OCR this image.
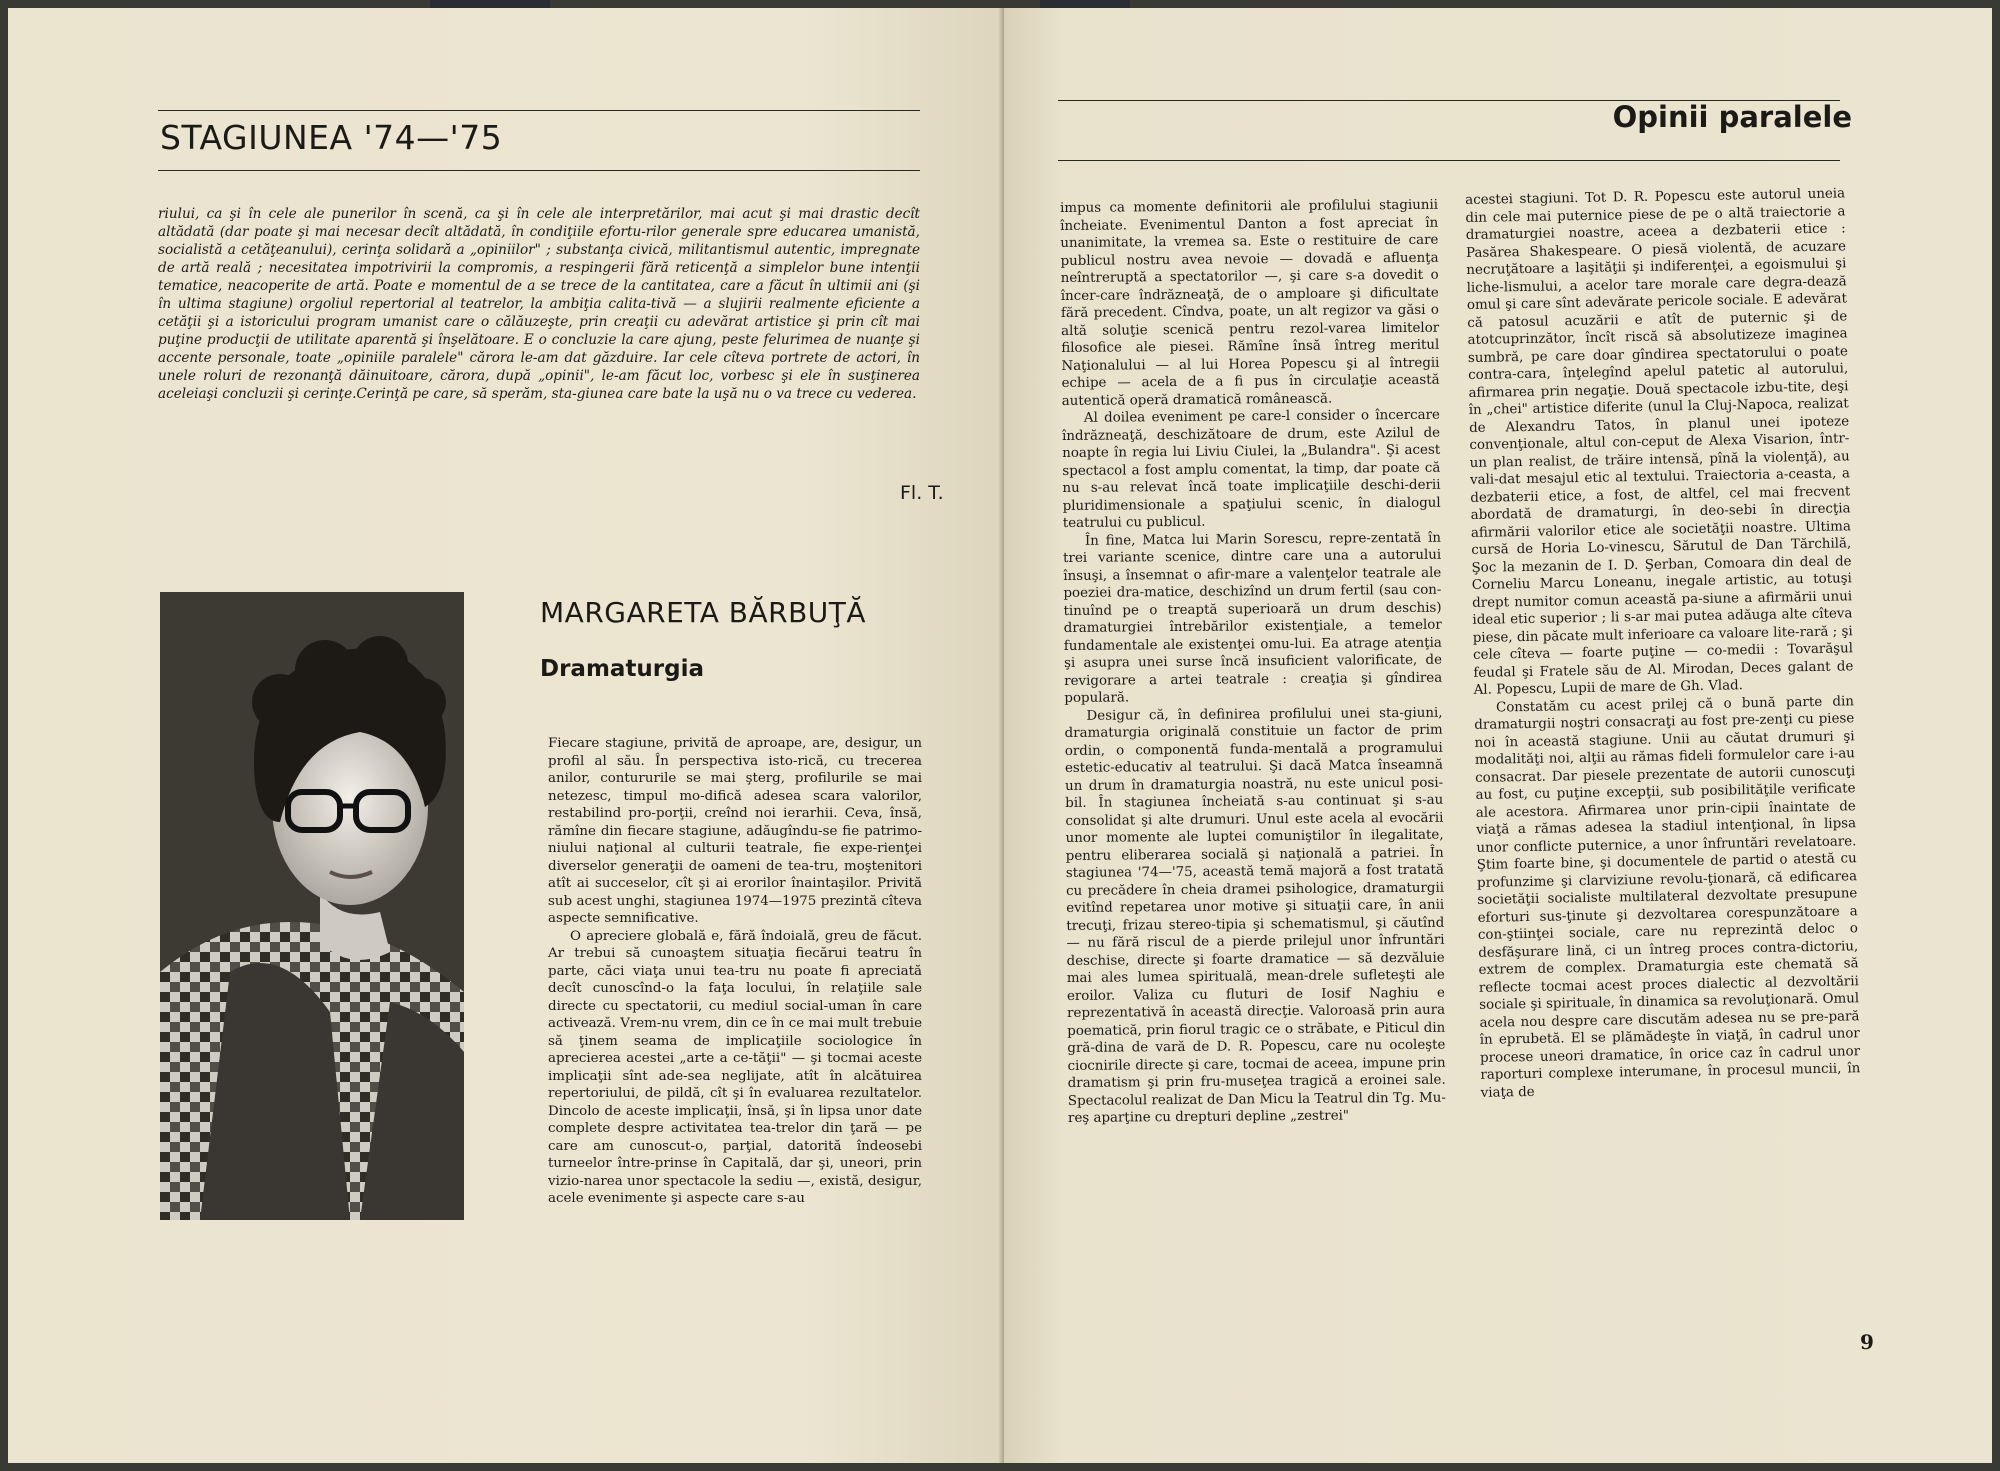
STAGIUNEA '74—'75

riului, ca şi în cele ale punerilor în scenă, ca şi în cele ale interpretărilor, mai acut şi mai drastic decît altădată (dar poate şi mai necesar decît altădată, în condiţiile efortu-rilor generale spre educarea umanistă, socialistă a cetăţeanului), cerinţa solidară a „opiniilor" ; substanţa civică, militantismul autentic, impregnate de artă reală ; necesitatea impotrivirii la compromis, a respingerii fără reticenţă a simplelor bune intenţii tematice, neacoperite de artă. Poate e momentul de a se trece de la cantitatea, care a făcut în ultimii ani (şi în ultima stagiune) orgoliul repertorial al teatrelor, la ambiţia calita-tivă — a slujirii realmente eficiente a cetăţii şi a istoricului program umanist care o călăuzeşte, prin creaţii cu adevărat artistice şi prin cît mai puţine producţii de utilitate aparentă şi înşelătoare. E o concluzie la care ajung, peste felurimea de nuanţe şi accente personale, toate „opiniile paralele" cărora le-am dat găzduire. Iar cele cîteva portrete de actori, în unele roluri de rezonanţă dăinuitoare, cărora, după „opinii", le-am făcut loc, vorbesc şi ele în susţinerea aceleiaşi concluzii şi cerinţe.Cerinţă pe care, să sperăm, sta-giunea care bate la uşă nu o va trece cu vederea.

Fl. T.
MARGARETA BĂRBUŢĂ
Dramaturgia

Fiecare stagiune, privită de aproape, are, desigur, un profil al său. În perspectiva isto-rică, cu trecerea anilor, contururile se mai şterg, profilurile se mai netezesc, timpul mo-difică adesea scara valorilor, restabilind pro-porţii, creînd noi ierarhii. Ceva, însă, rămîne din fiecare stagiune, adăugîndu-se fie patrimo-niului naţional al culturii teatrale, fie expe-rienţei diverselor generaţii de oameni de tea-tru, moştenitori atît ai succeselor, cît şi ai erorilor înaintaşilor. Privită sub acest unghi, stagiunea 1974—1975 prezintă cîteva aspecte semnificative.

O apreciere globală e, fără îndoială, greu de făcut. Ar trebui să cunoaştem situaţia fiecărui teatru în parte, căci viaţa unui tea-tru nu poate fi apreciată decît cunoscînd-o la faţa locului, în relaţiile sale directe cu spectatorii, cu mediul social-uman în care activează. Vrem-nu vrem, din ce în ce mai mult trebuie să ţinem seama de implicaţiile sociologice în aprecierea acestei „arte a ce-tăţii" — şi tocmai aceste implicaţii sînt ade-sea neglijate, atît în alcătuirea repertoriului, de pildă, cît şi în evaluarea rezultatelor. Dincolo de aceste implicaţii, însă, şi în lipsa unor date complete despre activitatea tea-trelor din ţară — pe care am cunoscut-o, parţial, datorită îndeosebi turneelor între-prinse în Capitală, dar şi, uneori, prin vizio-narea unor spectacole la sediu —, există, desigur, acele evenimente şi aspecte care s-au

Opinii paralele

impus ca momente definitorii ale profilului stagiunii încheiate. Evenimentul Danton a fost apreciat în unanimitate, la vremea sa. Este o restituire de care publicul nostru avea nevoie — dovadă e afluenţa neîntreruptă a spectatorilor —, şi care s-a dovedit o încer-care îndrăzneaţă, de o amploare şi dificultate fără precedent. Cîndva, poate, un alt regizor va găsi o altă soluţie scenică pentru rezol-varea limitelor filosofice ale piesei. Rămîne însă întreg meritul Naţionalului — al lui Horea Popescu şi al întregii echipe — acela de a fi pus în circulaţie această autentică operă dramatică românească.

Al doilea eveniment pe care-l consider o încercare îndrăzneaţă, deschizătoare de drum, este Azilul de noapte în regia lui Liviu Ciulei, la „Bulandra". Şi acest spectacol a fost amplu comentat, la timp, dar poate că nu s-au relevat încă toate implicaţiile deschi-derii pluridimensionale a spaţiului scenic, în dialogul teatrului cu publicul.

În fine, Matca lui Marin Sorescu, repre-zentată în trei variante scenice, dintre care una a autorului însuşi, a însemnat o afir-mare a valenţelor teatrale ale poeziei dra-matice, deschizînd un drum fertil (sau con-tinuînd pe o treaptă superioară un drum deschis) dramaturgiei întrebărilor existenţiale, a temelor fundamentale ale existenţei omu-lui. Ea atrage atenţia şi asupra unei surse încă insuficient valorificate, de revigorare a artei teatrale : creaţia şi gîndirea populară.

Desigur că, în definirea profilului unei sta-giuni, dramaturgia originală constituie un factor de prim ordin, o componentă funda-mentală a programului estetic-educativ al teatrului. Şi dacă Matca înseamnă un drum în dramaturgia noastră, nu este unicul posi-bil. În stagiunea încheiată s-au continuat şi s-au consolidat şi alte drumuri. Unul este acela al evocării unor momente ale luptei comuniştilor în ilegalitate, pentru eliberarea socială şi naţională a patriei. În stagiunea '74—'75, această temă majoră a fost tratată cu precădere în cheia dramei psihologice, dramaturgii evitînd repetarea unor motive şi situaţii care, în anii trecuţi, frizau stereo-tipia şi schematismul, şi căutînd — nu fără riscul de a pierde prilejul unor înfruntări deschise, directe şi foarte dramatice — să dezvăluie mai ales lumea spirituală, mean-drele sufleteşti ale eroilor. Valiza cu fluturi de Iosif Naghiu e reprezentativă în această direcţie. Valoroasă prin aura poematică, prin fiorul tragic ce o străbate, e Piticul din gră-dina de vară de D. R. Popescu, care nu ocoleşte ciocnirile directe şi care, tocmai de aceea, impune prin dramatism şi prin fru-museţea tragică a eroinei sale. Spectacolul realizat de Dan Micu la Teatrul din Tg. Mu-reş aparţine cu drepturi depline „zestrei"

acestei stagiuni. Tot D. R. Popescu este autorul uneia din cele mai puternice piese de pe o altă traiectorie a dramaturgiei noastre, aceea a dezbaterii etice : Pasărea Shakespeare. O piesă violentă, de acuzare necruţătoare a laşităţii şi indiferenţei, a egoismului şi liche-lismului, a acelor tare morale care degra-dează omul şi care sînt adevărate pericole sociale. E adevărat că patosul acuzării e atît de puternic şi de atotcuprinzător, încît riscă să absolutizeze imaginea sumbră, pe care doar gîndirea spectatorului o poate contra-cara, înţelegînd apelul patetic al autorului, afirmarea prin negaţie. Două spectacole izbu-tite, deşi în „chei" artistice diferite (unul la Cluj-Napoca, realizat de Alexandru Tatos, în planul unei ipoteze convenţionale, altul con-ceput de Alexa Visarion, într-un plan realist, de trăire intensă, pînă la violenţă), au vali-dat mesajul etic al textului. Traiectoria a-ceasta, a dezbaterii etice, a fost, de altfel, cel mai frecvent abordată de dramaturgi, în deo-sebi în direcţia afirmării valorilor etice ale societăţii noastre. Ultima cursă de Horia Lo-vinescu, Sărutul de Dan Tărchilă, Şoc la mezanin de I. D. Şerban, Comoara din deal de Corneliu Marcu Loneanu, inegale artistic, au totuşi drept numitor comun această pa-siune a afirmării unui ideal etic superior ; li s-ar mai putea adăuga alte cîteva piese, din păcate mult inferioare ca valoare lite-rară ; şi cele cîteva — foarte puţine — co-medii : Tovarăşul feudal şi Fratele său de Al. Mirodan, Deces galant de Al. Popescu, Lupii de mare de Gh. Vlad.

Constatăm cu acest prilej că o bună parte din dramaturgii noştri consacraţi au fost pre-zenţi cu piese noi în această stagiune. Unii au căutat drumuri şi modalităţi noi, alţii au rămas fideli formulelor care i-au consacrat. Dar piesele prezentate de autorii cunoscuţi au fost, cu puţine excepţii, sub posibilităţile verificate ale acestora. Afirmarea unor prin-cipii înaintate de viaţă a rămas adesea la stadiul intenţional, în lipsa unor conflicte puternice, a unor înfruntări revelatoare. Ştim foarte bine, şi documentele de partid o atestă cu profunzime şi clarviziune revolu-ţionară, că edificarea societăţii socialiste multilateral dezvoltate presupune eforturi sus-ţinute şi dezvoltarea corespunzătoare a con-ştiinţei sociale, care nu reprezintă deloc o desfăşurare lină, ci un întreg proces contra-dictoriu, extrem de complex. Dramaturgia este chemată să reflecte tocmai acest proces dialectic al dezvoltării sociale şi spirituale, în dinamica sa revoluţionară. Omul acela nou despre care discutăm adesea nu se pre-pară în eprubetă. El se plămădeşte în viaţă, în cadrul unor procese uneori dramatice, în orice caz în cadrul unor raporturi complexe interumane, în procesul muncii, în viaţa de

9
